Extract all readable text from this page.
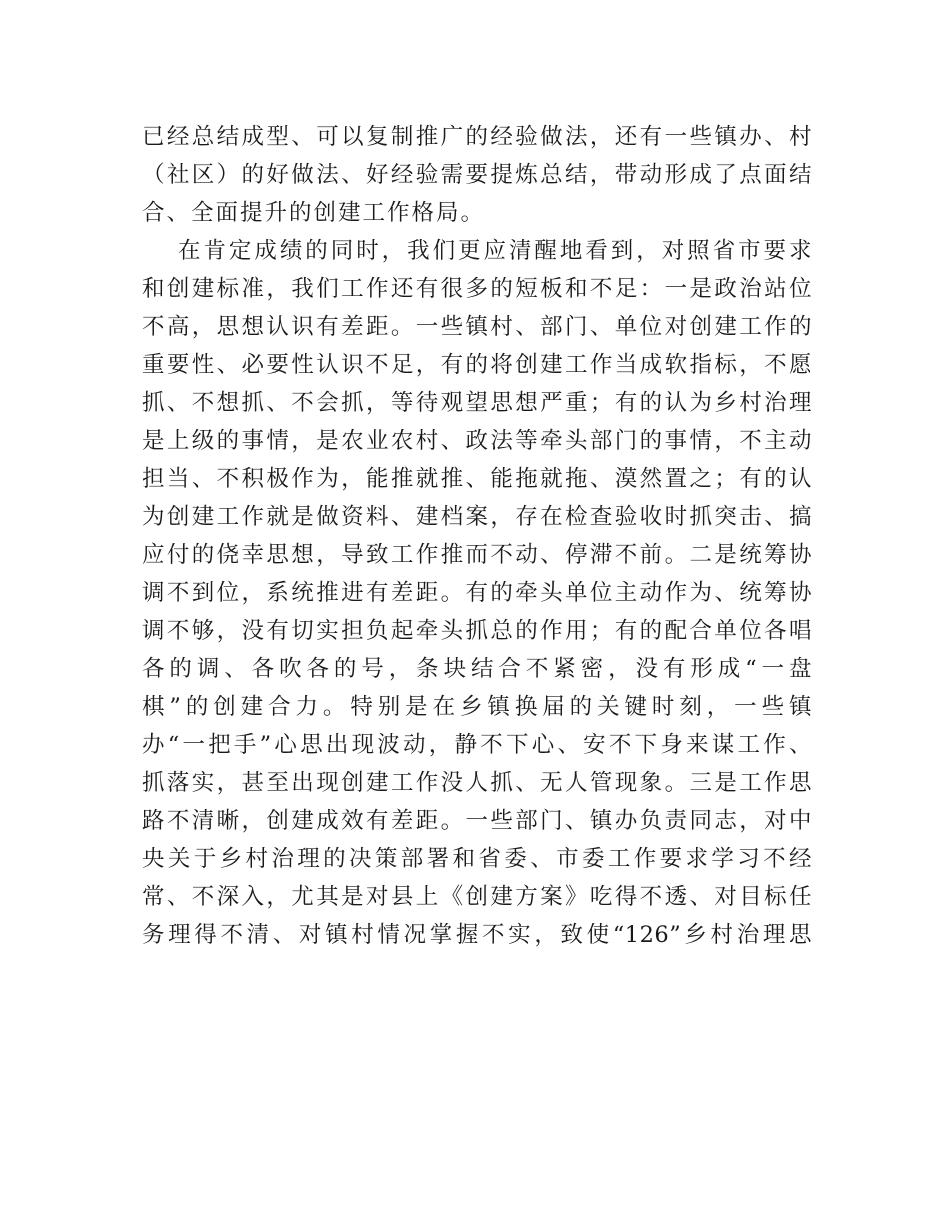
已经总结成型、可以复制推广的经验做法，还有一些镇办、村
（社区）的好做法、好经验需要提炼总结，带动形成了点面结
合、全面提升的创建工作格局。
在肯定成绩的同时，我们更应清醒地看到，对照省市要求
和创建标准，我们工作还有很多的短板和不足：一是政治站位
不高，思想认识有差距。一些镇村、部门、单位对创建工作的
重要性、必要性认识不足，有的将创建工作当成软指标，不愿
抓、不想抓、不会抓，等待观望思想严重；有的认为乡村治理
是上级的事情，是农业农村、政法等牵头部门的事情，不主动
担当、不积极作为，能推就推、能拖就拖、漠然置之；有的认
为创建工作就是做资料、建档案，存在检查验收时抓突击、搞
应付的侥幸思想，导致工作推而不动、停滞不前。二是统筹协
调不到位，系统推进有差距。有的牵头单位主动作为、统筹协
调不够，没有切实担负起牵头抓总的作用；有的配合单位各唱
各的调、各吹各的号，条块结合不紧密，没有形成“一盘
棋”的创建合力。特别是在乡镇换届的关键时刻，一些镇
办“一把手”心思出现波动，静不下心、安不下身来谋工作、
抓落实，甚至出现创建工作没人抓、无人管现象。三是工作思
路不清晰，创建成效有差距。一些部门、镇办负责同志，对中
央关于乡村治理的决策部署和省委、市委工作要求学习不经
常、不深入，尤其是对县上《创建方案》吃得不透、对目标任
务理得不清、对镇村情况掌握不实，致使“126”乡村治理思
